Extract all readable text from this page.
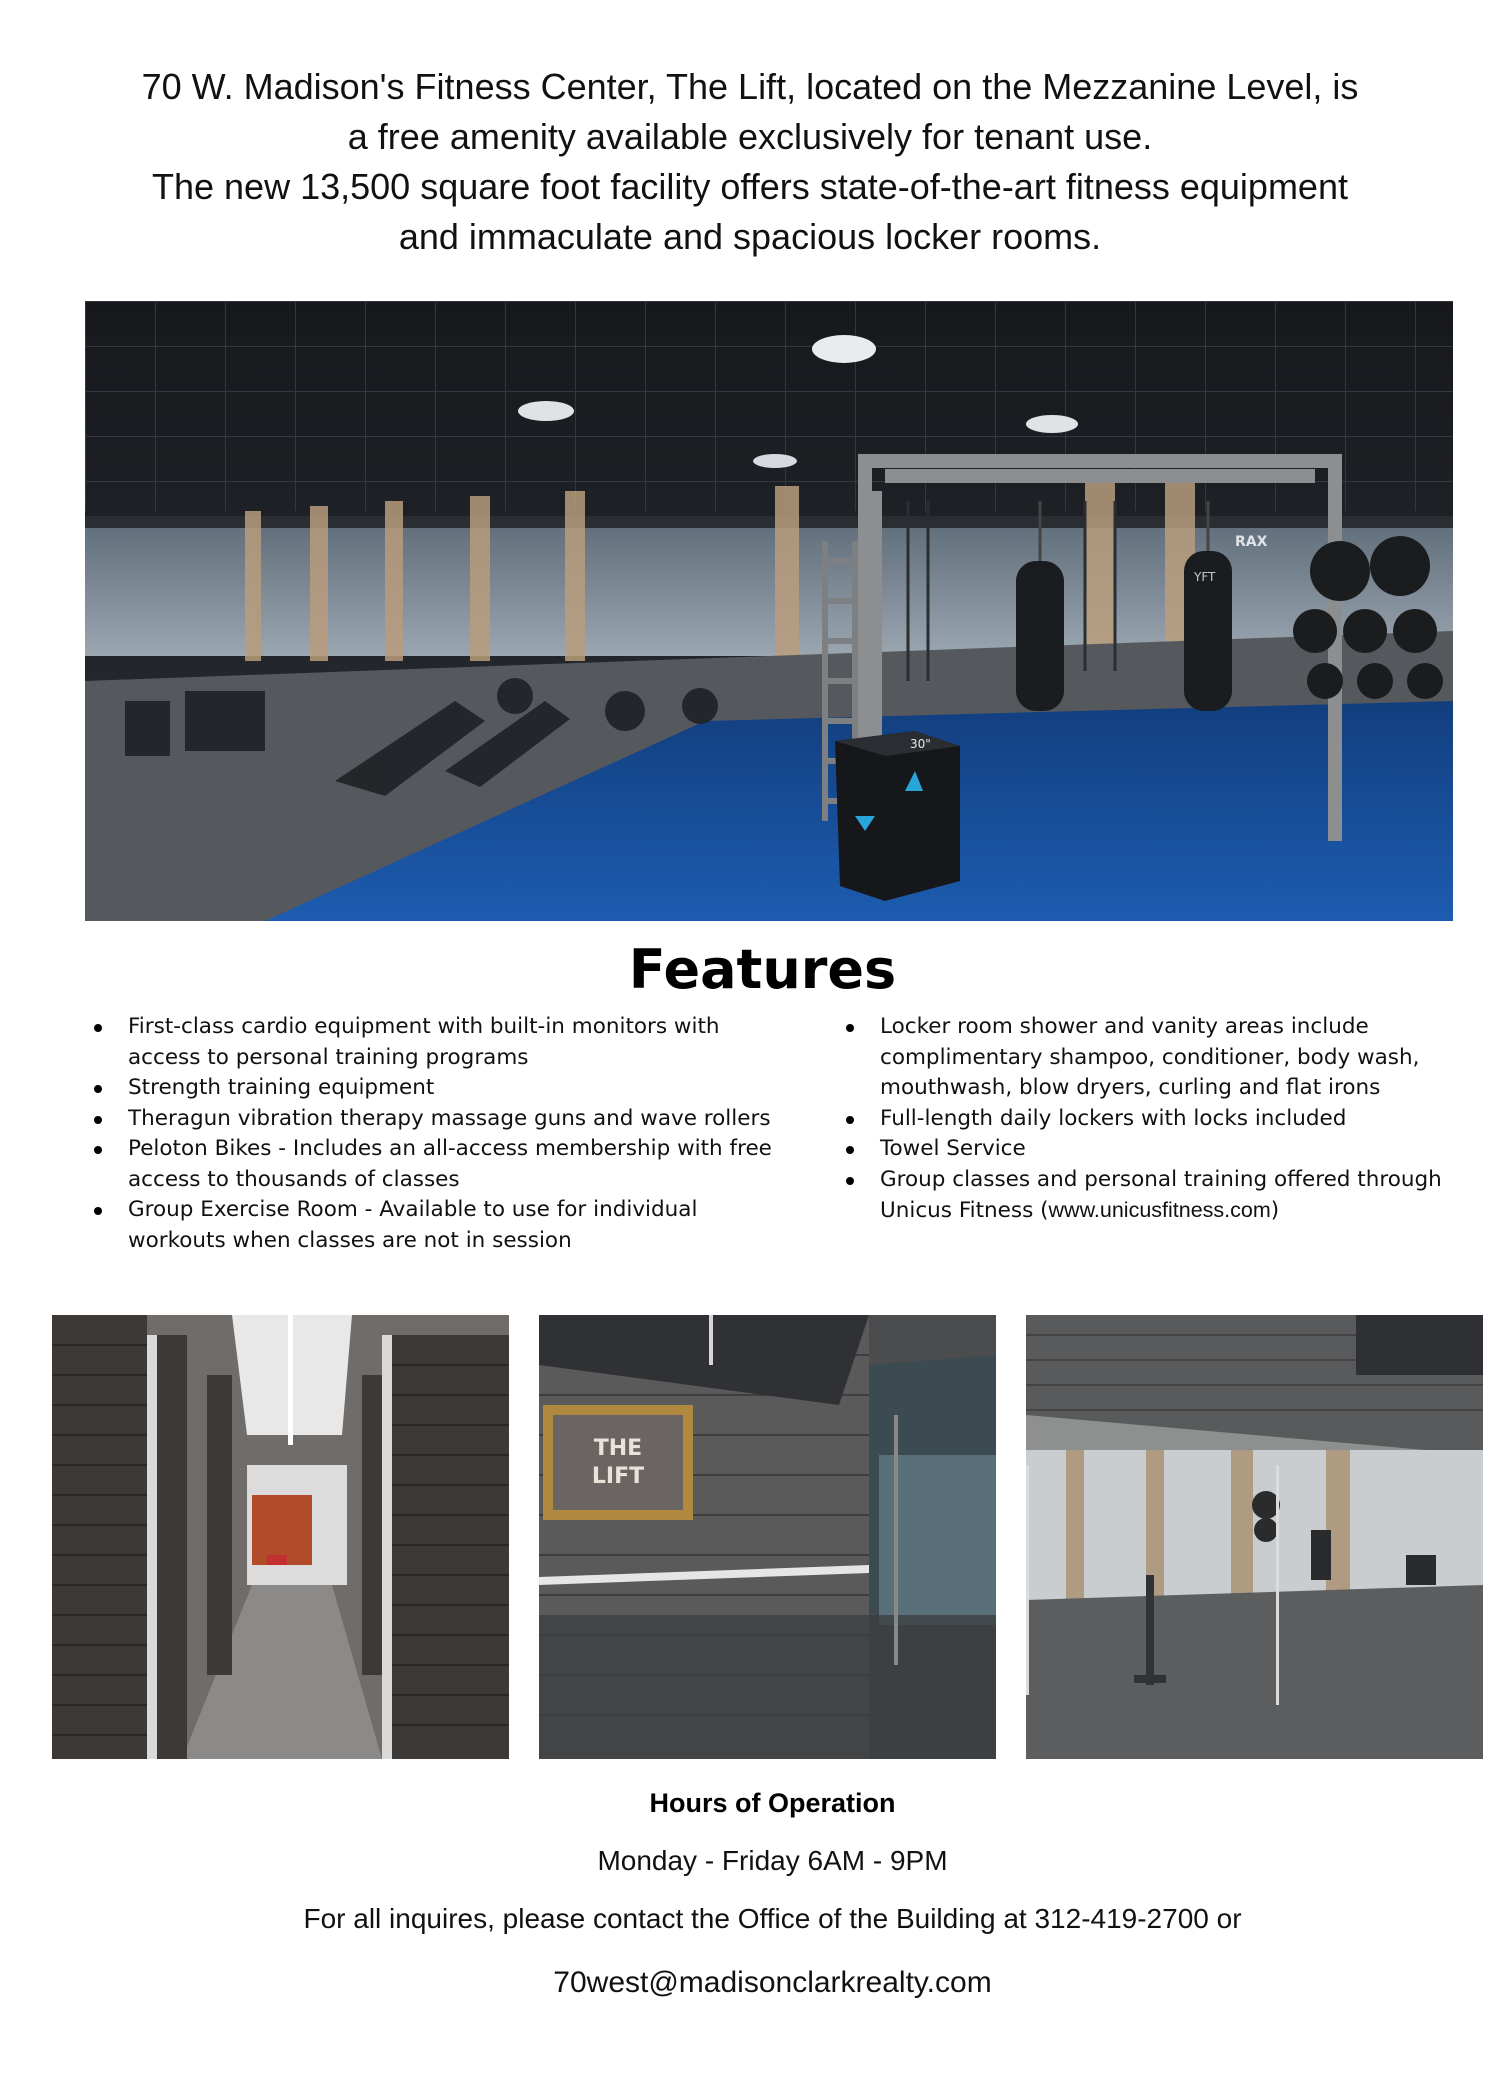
70 W. Madison's Fitness Center, The Lift, located on the Mezzanine Level, is

a free amenity available exclusively for tenant use.

The new 13,500 square foot facility offers state-of-the-art fitness equipment

and immaculate and spacious locker rooms.

YFT
RAX
30"
Features
First-class cardio equipment with built-in monitors with access to personal training programs
Strength training equipment
Theragun vibration therapy massage guns and wave rollers
Peloton Bikes - Includes an all-access membership with free access to thousands of classes
Group Exercise Room - Available to use for individual workouts when classes are not in session
Locker room shower and vanity areas include complimentary shampoo, conditioner, body wash, mouthwash, blow dryers, curling and flat irons
Full-length daily lockers with locks included
Towel Service
Group classes and personal training offered through Unicus Fitness (www.unicusfitness.com)
THE
LIFT
Hours of Operation
Monday - Friday 6AM - 9PM
For all inquires, please contact the Office of the Building at 312-419-2700 or
70west@madisonclarkrealty.com
